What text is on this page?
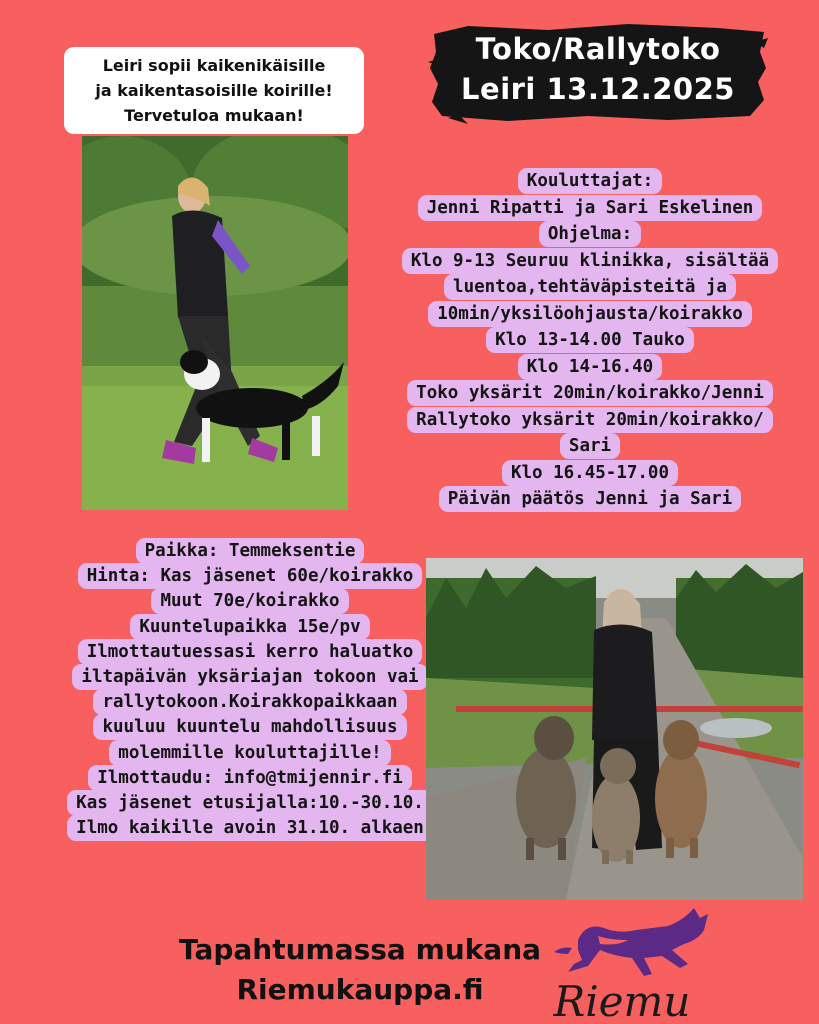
Toko/Rallytoko
Leiri 13.12.2025
Leiri sopii kaikenikäisille
ja kaikentasoisille koirille!
Tervetuloa mukaan!
Kouluttajat:
Jenni Ripatti ja Sari Eskelinen
Ohjelma:
Klo 9-13 Seuruu klinikka, sisältää
luentoa,tehtäväpisteitä ja
10min/yksilöohjausta/koirakko
Klo 13-14.00 Tauko
Klo 14-16.40
Toko yksärit 20min/koirakko/Jenni
Rallytoko yksärit 20min/koirakko/
Sari
Klo 16.45-17.00
Päivän päätös Jenni ja Sari
Paikka: Temmeksentie
Hinta: Kas jäsenet 60e/koirakko
Muut 70e/koirakko
Kuuntelupaikka 15e/pv
Ilmottautuessasi kerro haluatko
iltapäivän yksäriajan tokoon vai
rallytokoon.Koirakkopaikkaan
kuuluu kuuntelu mahdollisuus
molemmille kouluttajille!
Ilmottaudu: info@tmijennir.fi
Kas jäsenet etusijalla:10.-30.10.
Ilmo kaikille avoin 31.10. alkaen
Tapahtumassa mukana
Riemukauppa.fi	Riemu
